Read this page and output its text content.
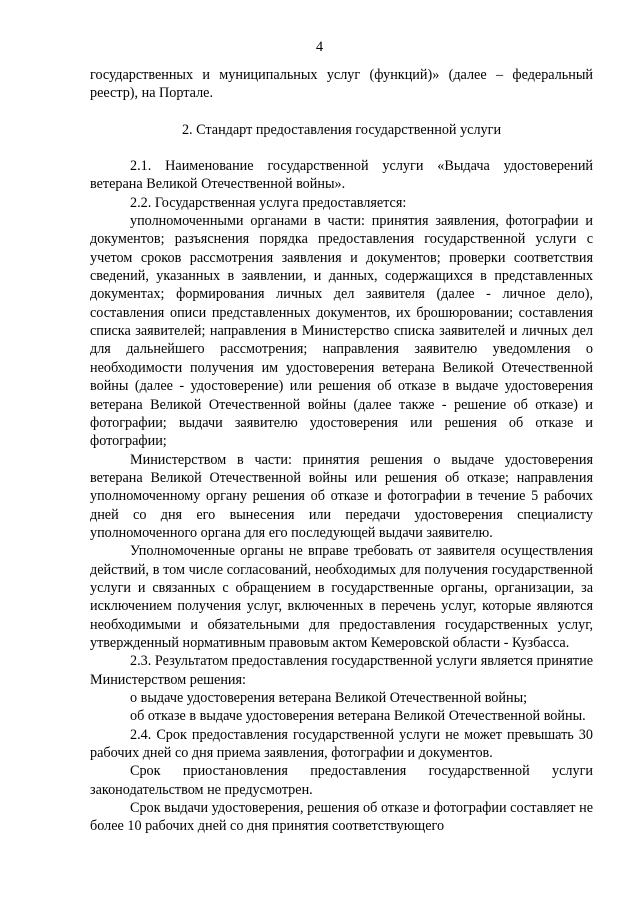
4

государственных и муниципальных услуг (функций)» (далее – федеральный реестр), на Портале.

2. Стандарт предоставления государственной услуги

2.1. Наименование государственной услуги «Выдача удостоверений ветерана Великой Отечественной войны».

2.2. Государственная услуга предоставляется:

уполномоченными органами в части: принятия заявления, фотографии и документов; разъяснения порядка предоставления государственной услуги с учетом сроков рассмотрения заявления и документов; проверки соответствия сведений, указанных в заявлении, и данных, содержащихся в представленных документах; формирования личных дел заявителя (далее - личное дело), составления описи представленных документов, их брошюровании; составления списка заявителей; направления в Министерство списка заявителей и личных дел для дальнейшего рассмотрения; направления заявителю уведомления о необходимости получения им удостоверения ветерана Великой Отечественной войны (далее - удостоверение) или решения об отказе в выдаче удостоверения ветерана Великой Отечественной войны (далее также - решение об отказе) и фотографии; выдачи заявителю удостоверения или решения об отказе и фотографии;

Министерством в части: принятия решения о выдаче удостоверения ветерана Великой Отечественной войны или решения об отказе; направления уполномоченному органу решения об отказе и фотографии в течение 5 рабочих дней со дня его вынесения или передачи удостоверения специалисту уполномоченного органа для его последующей выдачи заявителю.

Уполномоченные органы не вправе требовать от заявителя осуществления действий, в том числе согласований, необходимых для получения государственной услуги и связанных с обращением в государственные органы, организации, за исключением получения услуг, включенных в перечень услуг, которые являются необходимыми и обязательными для предоставления государственных услуг, утвержденный нормативным правовым актом Кемеровской области - Кузбасса.

2.3. Результатом предоставления государственной услуги является принятие Министерством решения:

о выдаче удостоверения ветерана Великой Отечественной войны;

об отказе в выдаче удостоверения ветерана Великой Отечественной войны.

2.4. Срок предоставления государственной услуги не может превышать 30 рабочих дней со дня приема заявления, фотографии и документов.

Срок приостановления предоставления государственной услуги законодательством не предусмотрен.

Срок выдачи удостоверения, решения об отказе и фотографии составляет не более 10 рабочих дней со дня принятия соответствующего
